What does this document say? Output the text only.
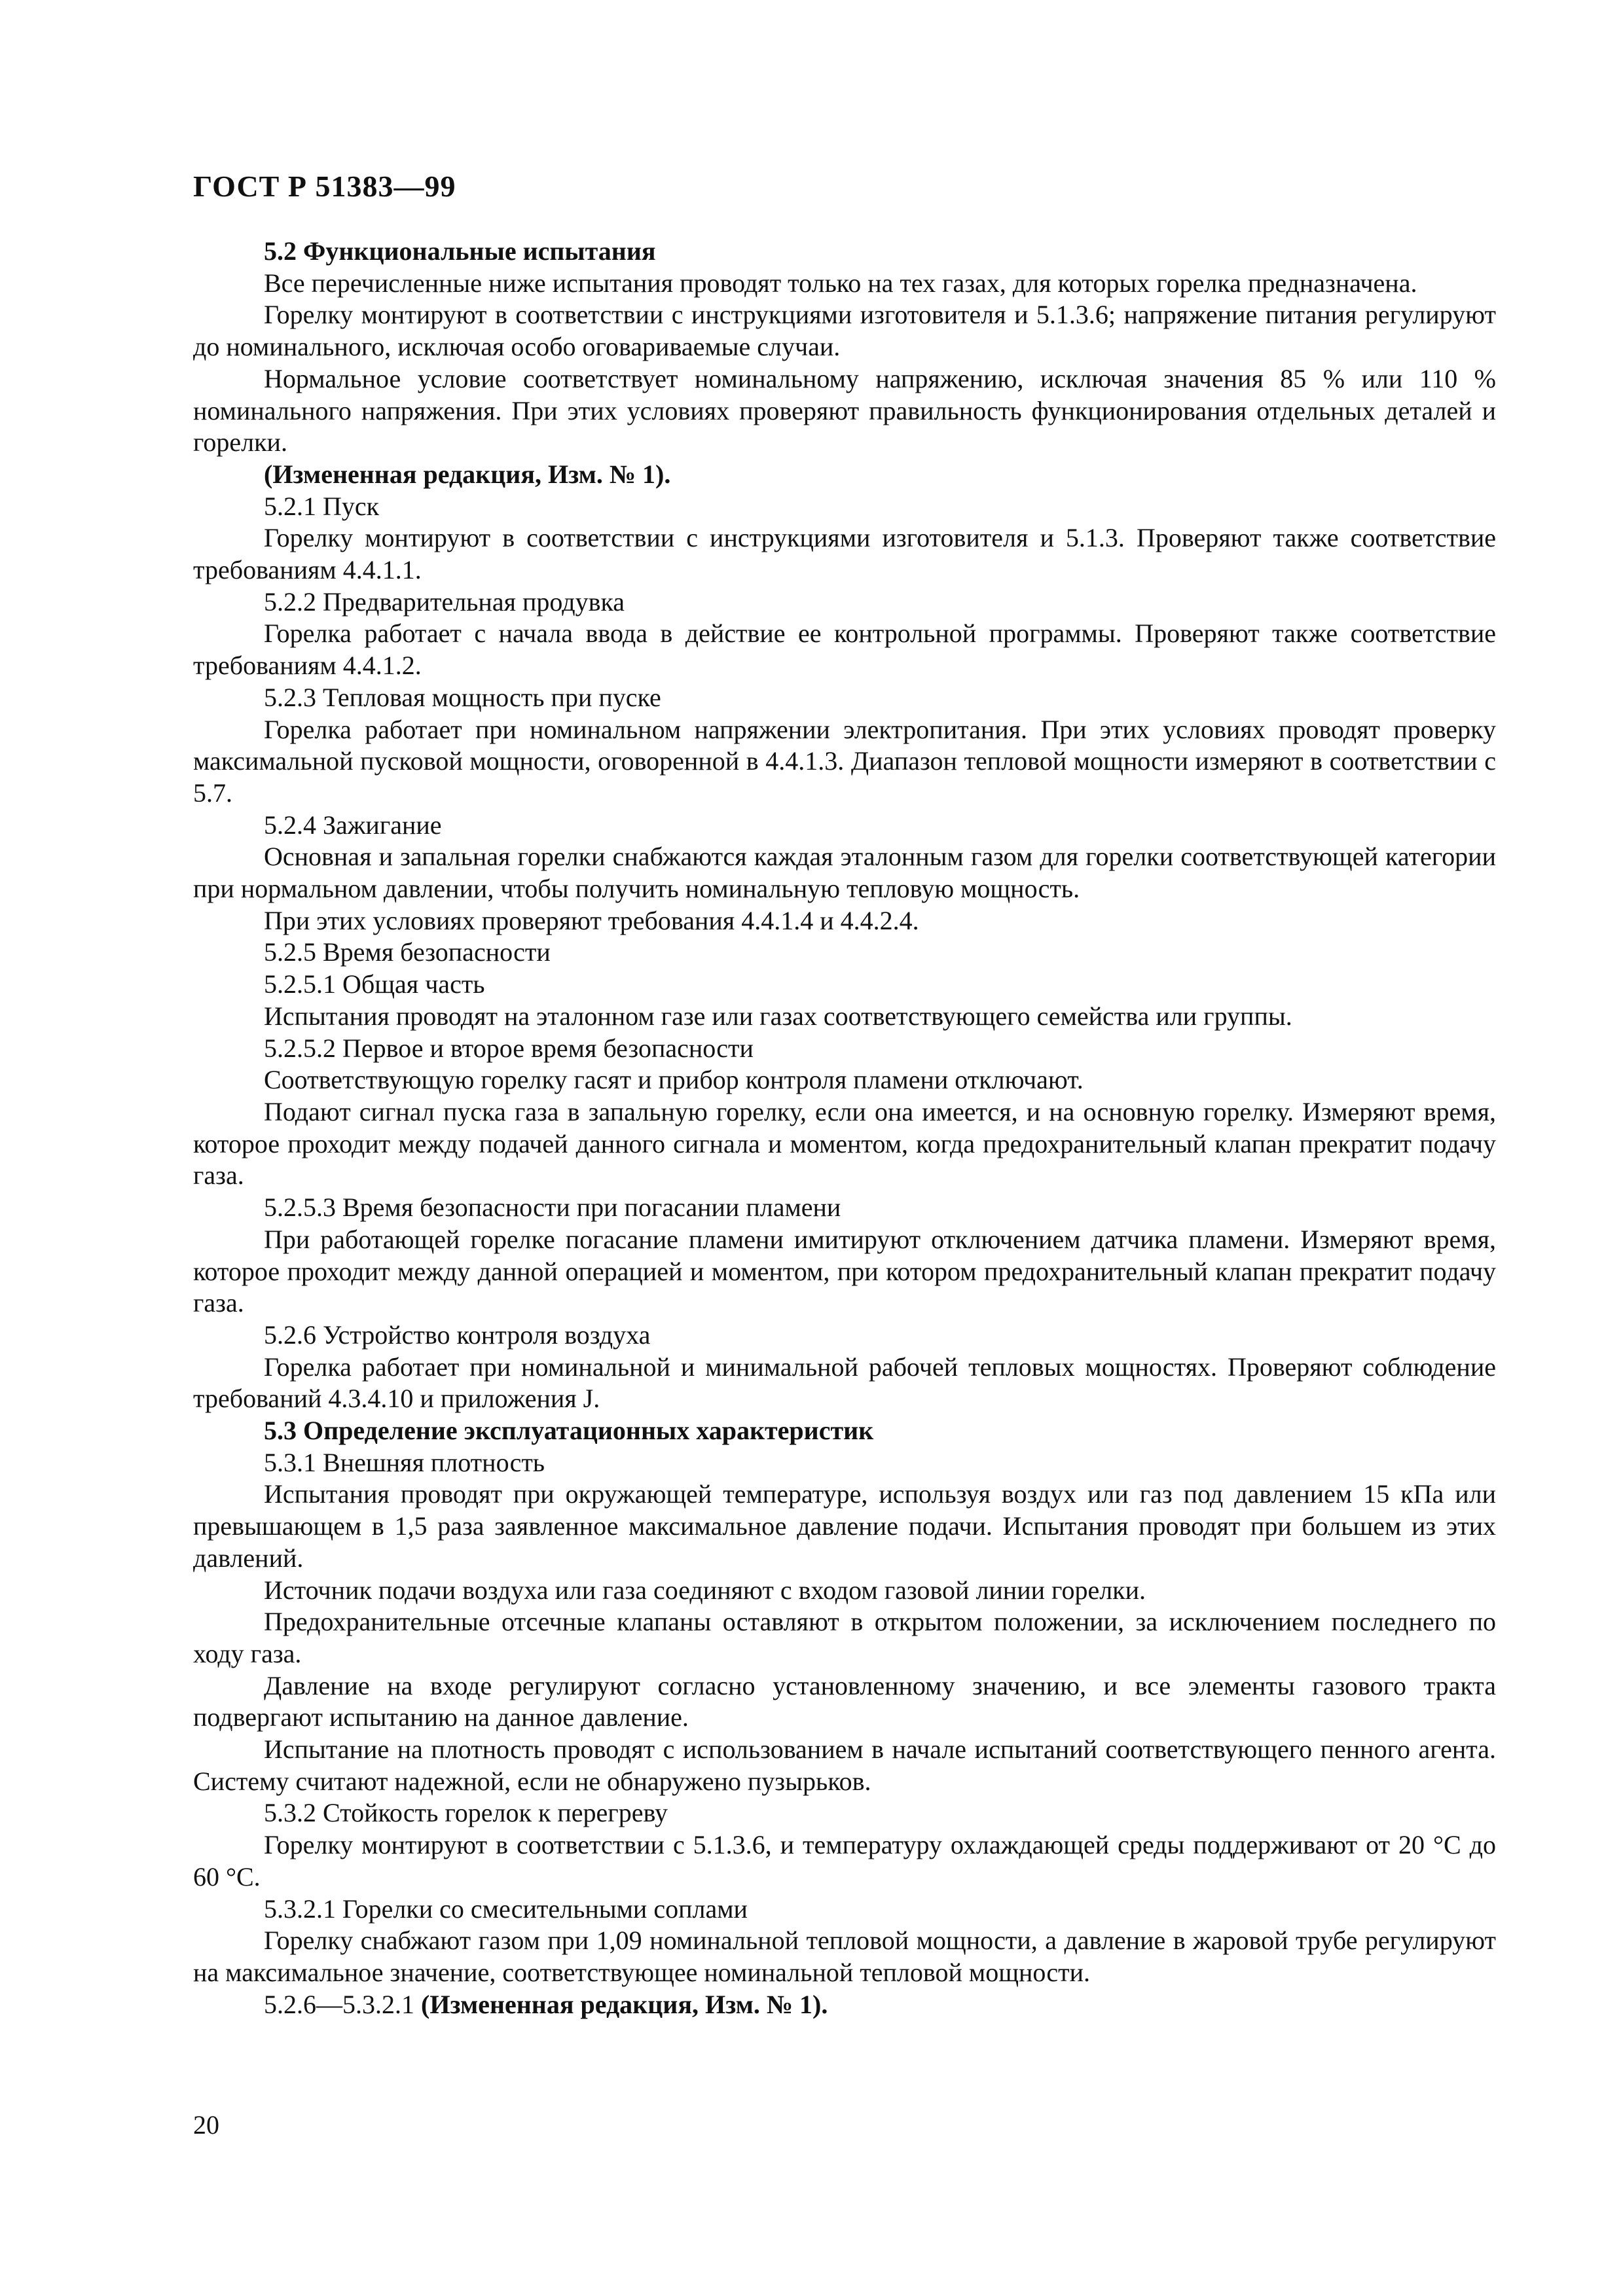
ГОСТ Р 51383—99

5.2 Функциональные испытания

Все перечисленные ниже испытания проводят только на тех газах, для которых горелка предназначена.

Горелку монтируют в соответствии с инструкциями изготовителя и 5.1.3.6; напряжение питания регулируют до номинального, исключая особо оговариваемые случаи.

Нормальное условие соответствует номинальному напряжению, исключая значения 85 % или 110 % номинального напряжения. При этих условиях проверяют правильность функционирования отдельных деталей и горелки.

(Измененная редакция, Изм. № 1).

5.2.1 Пуск

Горелку монтируют в соответствии с инструкциями изготовителя и 5.1.3. Проверяют также соответствие требованиям 4.4.1.1.

5.2.2 Предварительная продувка

Горелка работает с начала ввода в действие ее контрольной программы. Проверяют также соответствие требованиям 4.4.1.2.

5.2.3 Тепловая мощность при пуске

Горелка работает при номинальном напряжении электропитания. При этих условиях проводят проверку максимальной пусковой мощности, оговоренной в 4.4.1.3. Диапазон тепловой мощности измеряют в соответствии с 5.7.

5.2.4 Зажигание

Основная и запальная горелки снабжаются каждая эталонным газом для горелки соответствующей категории при нормальном давлении, чтобы получить номинальную тепловую мощность.

При этих условиях проверяют требования 4.4.1.4 и 4.4.2.4.

5.2.5 Время безопасности

5.2.5.1 Общая часть

Испытания проводят на эталонном газе или газах соответствующего семейства или группы.

5.2.5.2 Первое и второе время безопасности

Соответствующую горелку гасят и прибор контроля пламени отключают.

Подают сигнал пуска газа в запальную горелку, если она имеется, и на основную горелку. Измеряют время, которое проходит между подачей данного сигнала и моментом, когда предохранительный клапан прекратит подачу газа.

5.2.5.3 Время безопасности при погасании пламени

При работающей горелке погасание пламени имитируют отключением датчика пламени. Измеряют время, которое проходит между данной операцией и моментом, при котором предохранительный клапан прекратит подачу газа.

5.2.6 Устройство контроля воздуха

Горелка работает при номинальной и минимальной рабочей тепловых мощностях. Проверяют соблюдение требований 4.3.4.10 и приложения J.

5.3 Определение эксплуатационных характеристик

5.3.1 Внешняя плотность

Испытания проводят при окружающей температуре, используя воздух или газ под давлением 15 кПа или превышающем в 1,5 раза заявленное максимальное давление подачи. Испытания проводят при большем из этих давлений.

Источник подачи воздуха или газа соединяют с входом газовой линии горелки.

Предохранительные отсечные клапаны оставляют в открытом положении, за исключением последнего по ходу газа.

Давление на входе регулируют согласно установленному значению, и все элементы газового тракта подвергают испытанию на данное давление.

Испытание на плотность проводят с использованием в начале испытаний соответствующего пенного агента. Систему считают надежной, если не обнаружено пузырьков.

5.3.2 Стойкость горелок к перегреву

Горелку монтируют в соответствии с 5.1.3.6, и температуру охлаждающей среды поддерживают от 20 °С до 60 °С.

5.3.2.1 Горелки со смесительными соплами

Горелку снабжают газом при 1,09 номинальной тепловой мощности, а давление в жаровой трубе регулируют на максимальное значение, соответствующее номинальной тепловой мощности.

5.2.6—5.3.2.1 (Измененная редакция, Изм. № 1).

20
